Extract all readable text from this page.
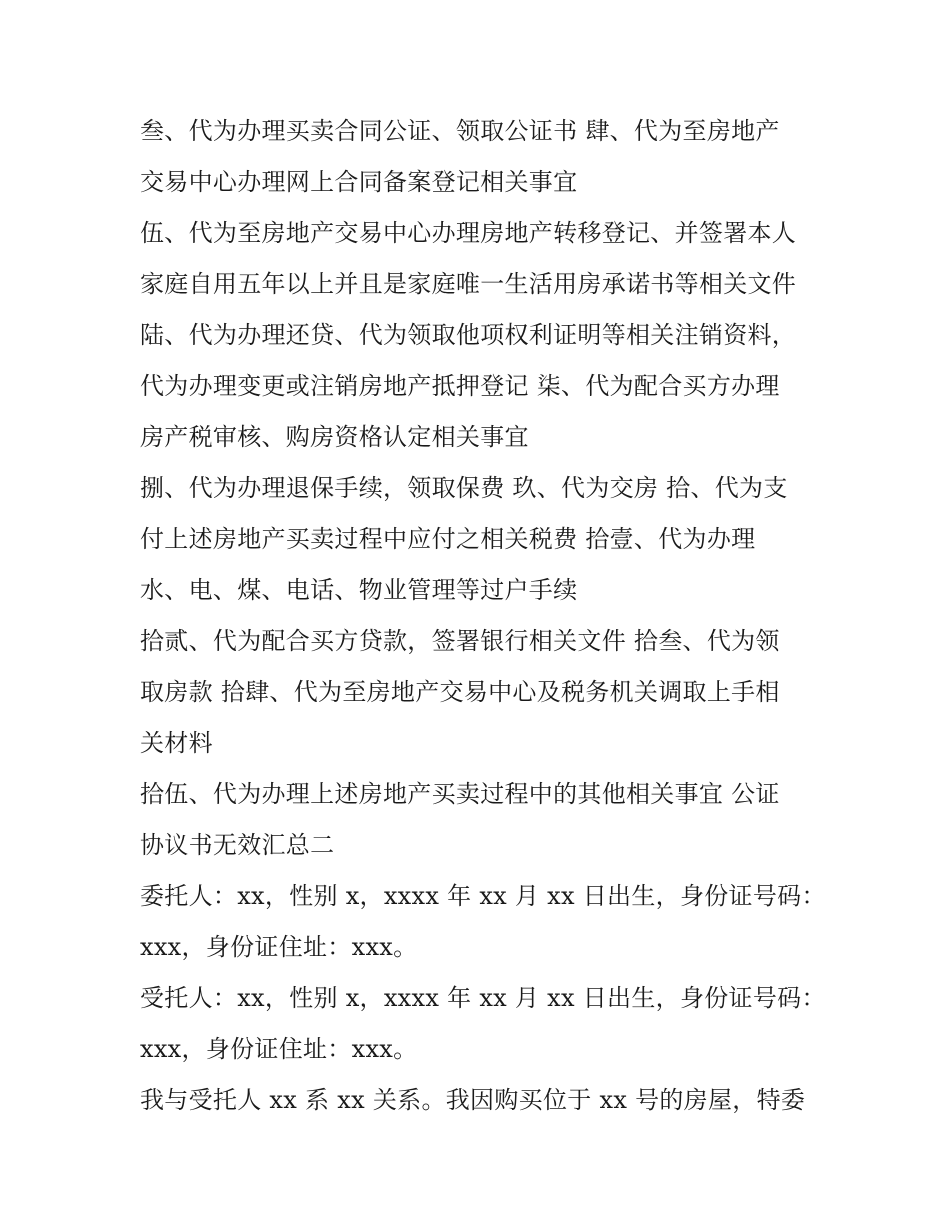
叁、代为办理买卖合同公证、领取公证书 肆、代为至房地产
交易中心办理网上合同备案登记相关事宜
伍、代为至房地产交易中心办理房地产转移登记、并签署本人
家庭自用五年以上并且是家庭唯一生活用房承诺书等相关文件
陆、代为办理还贷、代为领取他项权利证明等相关注销资料，
代为办理变更或注销房地产抵押登记 柒、代为配合买方办理
房产税审核、购房资格认定相关事宜
捌、代为办理退保手续，领取保费 玖、代为交房 拾、代为支
付上述房地产买卖过程中应付之相关税费 拾壹、代为办理
水、电、煤、电话、物业管理等过户手续
拾贰、代为配合买方贷款，签署银行相关文件 拾叁、代为领
取房款 拾肆、代为至房地产交易中心及税务机关调取上手相
关材料
拾伍、代为办理上述房地产买卖过程中的其他相关事宜 公证
协议书无效汇总二
委托人：xx，性别 x，xxxx 年 xx 月 xx 日出生，身份证号码：
xxx，身份证住址：xxx。
受托人：xx，性别 x，xxxx 年 xx 月 xx 日出生，身份证号码：
xxx，身份证住址：xxx。
我与受托人 xx 系 xx 关系。我因购买位于 xx 号的房屋，特委
